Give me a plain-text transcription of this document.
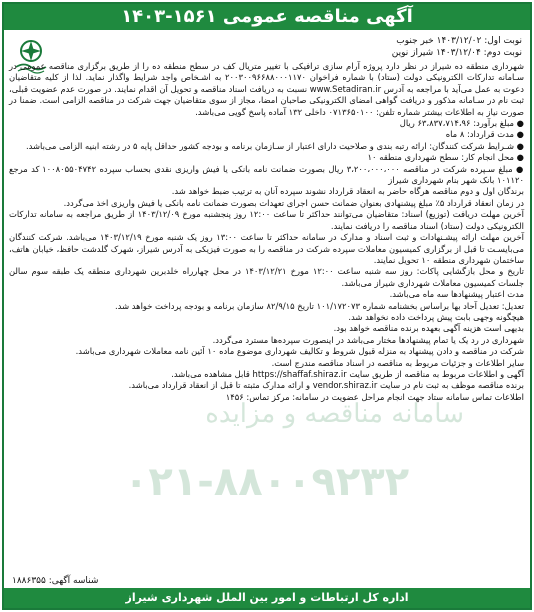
آگهی مناقصه عمومی ۱۵۶۱-۱۴۰۳
نوبت اول: ۱۴۰۳/۱۲/۰۲ خبر جنوب
نوبت دوم: ۱۴۰۳/۱۲/۰۴ شیراز نوین

شهرداری منطقه ده شیراز در نظر دارد پروژه آرام سازی ترافیکی با تغییر متریال کف در سطح منطقه ده را از طریق برگزاری مناقصه عمومی در سـامانه تدارکات الکترونیکی دولت (ستاد) با شماره فراخوان ۲۰۰۳۰۰۹۶۶۸۸۰۰۰۱۱۷۰ به اشـخاص واجد شرایط واگذار نماید. لذا از کلیه متقاضیان دعوت به عمل می‌آید با مراجعه به آدرس www.Setadiran.ir نسبت به دریافت اسناد مناقصه و تحویل آن اقدام نمایند. در صورت عدم عضویت قبلی، ثبت نام در سـامانه مذکور و دریافت گواهی امضای الکترونیکی صاحبان امضا، مجاز از سوی متقاضیان جهت شرکت در مناقصه الزامی است. ضمنا در صورت نیاز به اطلاعات بیشتر شماره تلفن: ۰۷۱۳۶۵۰۱۰۰ داخلی ۱۳۲ آماده پاسخ گویی می‌باشد.

● مبلغ برآورد: ۶۳،۸۳۷،۷۱۴،۹۶ ریال

● مدت قرارداد: ۸ ماه

● شـرایط شرکت کنندگان: ارائه رتبه بندی و صلاحیت دارای اعتبار از سـازمان برنامه و بودجه کشور حداقل پایه ۵ در رشته ابنیه الزامی می‌باشد.

● محل انجام کار: سطح شهرداری منطقه ۱۰

● مبلغ سـپرده شرکت در مناقصه ۳،۲۰۰،۰۰۰،۰۰۰ ریال بصورت ضمانت نامه بانکی یا فیش واریزی نقدی بحساب سپرده ۱۰۰۸۰۵۵۰۴۷۴۲ کد مرجع ۱۰۱۱۲۰ بانک شهر بنام شهرداری شیراز

برندگان اول و دوم مناقصه هرگاه حاضر به انعقاد قرارداد نشوند سپرده آنان به ترتیب ضبط خواهد شد.

در زمان انعقاد قرارداد ۵٪ مبلغ پیشنهادی بعنوان ضمانت حسن اجرای تعهدات بصورت ضمانت نامه بانکی یا فیش واریزی اخذ می‌گردد.

آخرین مهلت دریافت (توزیع) اسناد: متقاضیان می‌توانند حداکثر تا ساعت ۱۲:۰۰ روز پنجشنبه مورخ ۱۴۰۳/۱۲/۰۹ از طریق مراجعه به سامانه تدارکات الکترونیکی دولت (ستاد) اسناد مناقصه را دریافت نمایند.

آخرین مهلت ارائه پیشـنهادات و ثبت اسناد و مدارک در سامانه حداکثر تا ساعت ۱۳:۰۰ روز یک شنبه مورخ ۱۴۰۳/۱۲/۱۹ می‌باشد. شرکت کنندگان می‌بایسـت تا قبل از برگزاری کمیسیون معاملات سپرده شرکت در مناقصه را به صورت فیزیکی به آدرس شیراز، شهرک گلدشت حافظ، خیابان هاتف، ساختمان شهرداری منطقه ۱۰ تحویل نمایند.

تاریخ و محل بازگشایی پاکات: روز سه شنبه ساعت ۱۲:۰۰ مورخ ۱۴۰۳/۱۲/۲۱ در محل چهارراه خلدبرین شهرداری منطقه یک طبقه سوم سالن جلسات کمیسیون معاملات شهرداری شیراز می‌باشد.

مدت اعتبار پیشنهادها سه ماه می‌باشد.

تعدیل: تعدیل آحاد بها براساس بخشنامه شماره ۱۰۱/۱۷۲۰۷۳ تاریخ ۸۲/۹/۱۵ سازمان برنامه و بودجه پرداخت خواهد شد.

هیچگونه وجهی بابت پیش پرداخت داده نخواهد شد.

بدیهی است هزینه آگهی بعهده برنده مناقصه خواهد بود.

شهرداری در رد یک یا تمام پیشنهادها مختار می‌باشد در اینصورت سپرده‌ها مسترد می‌گردد.

شرکت در مناقصه و دادن پیشنهاد به منزله قبول شروط و تکالیف شهرداری موضوع ماده ۱۰ آئین نامه معاملات شهرداری می‌باشد.

سایر اطلاعات و جزئیات مربوط به مناقصه در اسناد مناقصه مندرج است.

آگهی و اطلاعات مربوط به مناقصه از طریق سایت https://shaffaf.shiraz.ir قابل مشاهده می‌باشد.

برنده مناقصه موظف به ثبت نام در سایت vendor.shiraz.ir و ارائه مدارک مثبته تا قبل از انعقاد قرارداد می‌باشد.

اطلاعات تماس سامانه ستاد جهت انجام مراحل عضویت در سامانه: مرکز تماس: ۱۴۵۶

سامانه مناقصه و مزایده
۰۲۱-۸۸۰۰۹۲۳۲
شناسه آگهی: ۱۸۸۶۳۵۵
اداره کل ارتباطات و امور بین الملل شهرداری شیراز
